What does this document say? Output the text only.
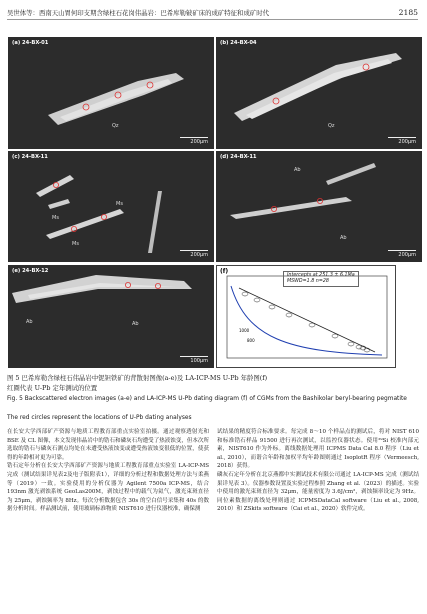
吴世体等：西南天山胃何印支期含绿柱石花岗伟晶岩：巴希库勒铍矿床的成矿特征和成矿时代	2185
(a) 24-BX-01
Qz
200μm
(b) 24-BX-04
Qz
200μm
(c) 24-BX-11
Ms
Ms
Ms
200μm
(d) 24-BX-11
Ab
Ab
200μm
(e) 24-BX-12
Ab	Ab
100μm
1000
800
(f)
Intercepts at 251.3 ± 6.1Ma
MSWD=1.8 n=28
图 5 巴希库勒含绿柱石伟晶岩中铌钽铁矿的背散射图像(a-e)及 LA-ICP-MS U-Pb 年龄图(f)
红圈代表 U-Pb 定年测试的位置
Fig. 5 Backscattered electron images (a-e) and LA-ICP-MS U-Pb dating diagram (f) of CGMs from the Bashikolar beryl-bearing pegmatite
The red circles represent the locations of U-Pb dating analyses
在长安大学西部矿产资源与地质工程教育部重点实验室拍摄。通过观察透射光和 BSE 及 CL 图像，本文发现伟晶岩中的锆石和磷灰石均遭受了热液蚀变，但本次所选取的锆石与磷灰石测点均处在未遭受热液蚀变或遭受热液蚀变很低的位置，使获得的年龄相对更为可靠。
锆石定年分析在长安大学西部矿产资源与地质工程教育部重点实验室 LA-ICP-MS 完成（测试结果详见表2及电子版附表1），详细的分析过程和数据处理方法与柔燕等（2019）一致。实验使用的分析仪器为 Agilent 7500a ICP-MS，结合 193nm 激光剥蚀系统 GeoLas200M，剥蚀过程中的载气为氦气，激光束斑直径为 25μm，剥蚀频率为 8Hz。每次分析数据包含 30s 的空白信号采集和 40s 的数据分析时间。样品测试前，使用玻璃标准物质 NIST610 进行仪器校准，确保测
试结果的精度符合标准要求。每完成 8～10 个样品点的测试后，将对 NIST 610 和标准锆石样品 91500 进行再次测试，以监控仪器状态。使用²⁹Si 校准内部元素，NIST610 作为外标。离线数据处理用 ICPMS Data Cal 8.0 程序（Liu et al., 2010），而谐合年龄和加权平均年龄图则通过 IsoplotR 程序（Vermeesch, 2018）获得。
磷灰石定年分析在北京燕都中实测试技术有限公司通过 LA-ICP-MS 完成（测试结果详见表 3）。仪器参数设置及实验过程参照 Zhang et al.（2023）的描述。实验中使用的激光束斑直径为 32μm，能量密度为 3.6J/cm²，剥蚀频率设定为 9Hz。同位素数据的离线处理则通过 ICPMSDataCal software（Liu et al., 2008, 2010）和 ZSkits software（Cai et al., 2020）软件完成。
